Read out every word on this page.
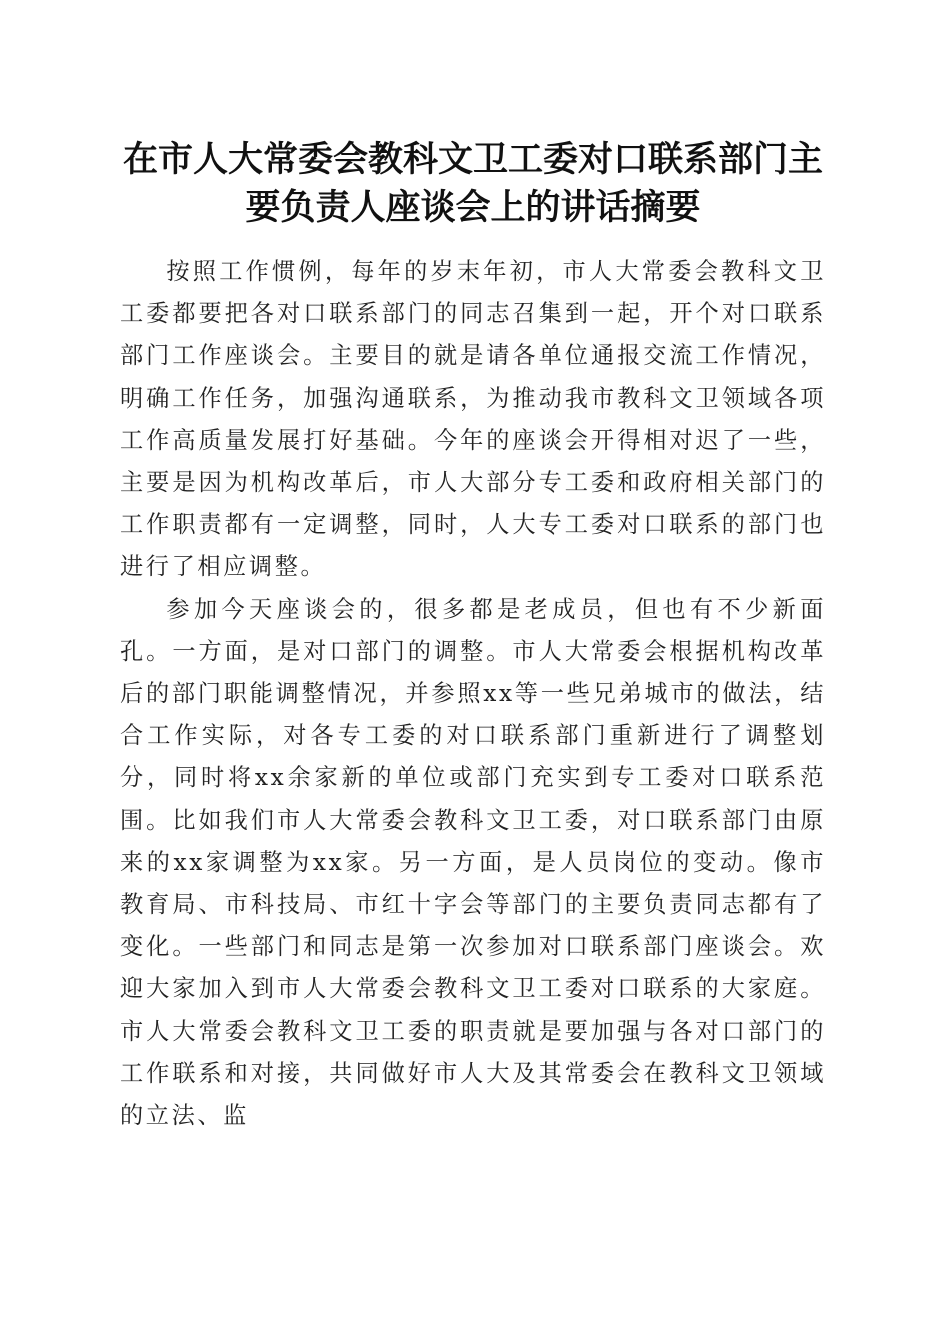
在市人大常委会教科文卫工委对口联系部门主要负责人座谈会上的讲话摘要

按照工作惯例，每年的岁末年初，市人大常委会教科文卫工委都要把各对口联系部门的同志召集到一起，开个对口联系部门工作座谈会。主要目的就是请各单位通报交流工作情况，明确工作任务，加强沟通联系，为推动我市教科文卫领域各项工作高质量发展打好基础。今年的座谈会开得相对迟了一些，主要是因为机构改革后，市人大部分专工委和政府相关部门的工作职责都有一定调整，同时，人大专工委对口联系的部门也进行了相应调整。

参加今天座谈会的，很多都是老成员，但也有不少新面孔。一方面，是对口部门的调整。市人大常委会根据机构改革后的部门职能调整情况，并参照xx等一些兄弟城市的做法，结合工作实际，对各专工委的对口联系部门重新进行了调整划分，同时将xx余家新的单位或部门充实到专工委对口联系范围。比如我们市人大常委会教科文卫工委，对口联系部门由原来的xx家调整为xx家。另一方面，是人员岗位的变动。像市教育局、市科技局、市红十字会等部门的主要负责同志都有了变化。一些部门和同志是第一次参加对口联系部门座谈会。欢迎大家加入到市人大常委会教科文卫工委对口联系的大家庭。市人大常委会教科文卫工委的职责就是要加强与各对口部门的工作联系和对接，共同做好市人大及其常委会在教科文卫领域的立法、监
